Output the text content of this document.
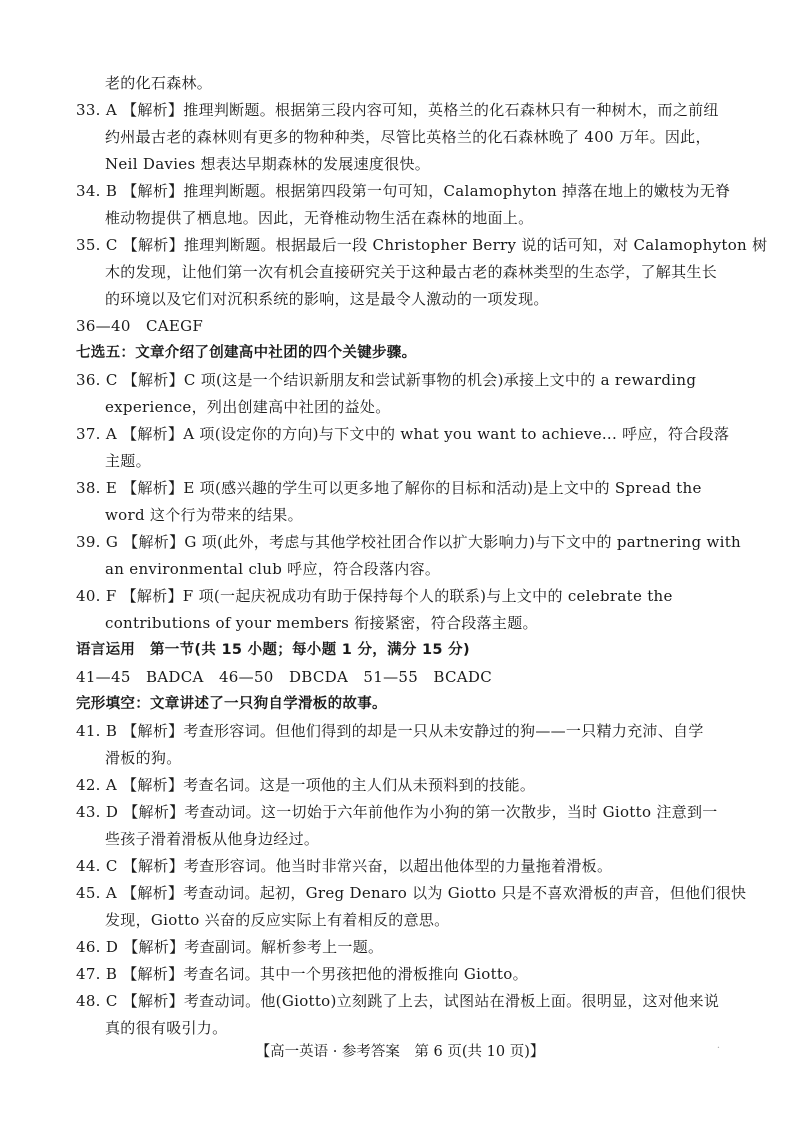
老的化石森林。

33. A 【解析】推理判断题。根据第三段内容可知，英格兰的化石森林只有一种树木，而之前纽

约州最古老的森林则有更多的物种种类，尽管比英格兰的化石森林晚了 400 万年。因此，

Neil Davies 想表达早期森林的发展速度很快。

34. B 【解析】推理判断题。根据第四段第一句可知，Calamophyton 掉落在地上的嫩枝为无脊

椎动物提供了栖息地。因此，无脊椎动物生活在森林的地面上。

35. C 【解析】推理判断题。根据最后一段 Christopher Berry 说的话可知，对 Calamophyton 树

木的发现，让他们第一次有机会直接研究关于这种最古老的森林类型的生态学，了解其生长

的环境以及它们对沉积系统的影响，这是最令人激动的一项发现。

36—40　CAEGF

七选五：文章介绍了创建高中社团的四个关键步骤。

36. C 【解析】C 项(这是一个结识新朋友和尝试新事物的机会)承接上文中的 a rewarding

experience，列出创建高中社团的益处。

37. A 【解析】A 项(设定你的方向)与下文中的 what you want to achieve... 呼应，符合段落

主题。

38. E 【解析】E 项(感兴趣的学生可以更多地了解你的目标和活动)是上文中的 Spread the

word 这个行为带来的结果。

39. G 【解析】G 项(此外，考虑与其他学校社团合作以扩大影响力)与下文中的 partnering with

an environmental club 呼应，符合段落内容。

40. F 【解析】F 项(一起庆祝成功有助于保持每个人的联系)与上文中的 celebrate the

contributions of your members 衔接紧密，符合段落主题。

语言运用　第一节(共 15 小题；每小题 1 分，满分 15 分)

41—45　BADCA　46—50　DBCDA　51—55　BCADC

完形填空：文章讲述了一只狗自学滑板的故事。

41. B 【解析】考查形容词。但他们得到的却是一只从未安静过的狗——一只精力充沛、自学

滑板的狗。

42. A 【解析】考查名词。这是一项他的主人们从未预料到的技能。

43. D 【解析】考查动词。这一切始于六年前他作为小狗的第一次散步，当时 Giotto 注意到一

些孩子滑着滑板从他身边经过。

44. C 【解析】考查形容词。他当时非常兴奋，以超出他体型的力量拖着滑板。

45. A 【解析】考查动词。起初，Greg Denaro 以为 Giotto 只是不喜欢滑板的声音，但他们很快

发现，Giotto 兴奋的反应实际上有着相反的意思。

46. D 【解析】考查副词。解析参考上一题。

47. B 【解析】考查名词。其中一个男孩把他的滑板推向 Giotto。

48. C 【解析】考查动词。他(Giotto)立刻跳了上去，试图站在滑板上面。很明显，这对他来说

真的很有吸引力。

【高一英语 · 参考答案　第 6 页(共 10 页)】	·
